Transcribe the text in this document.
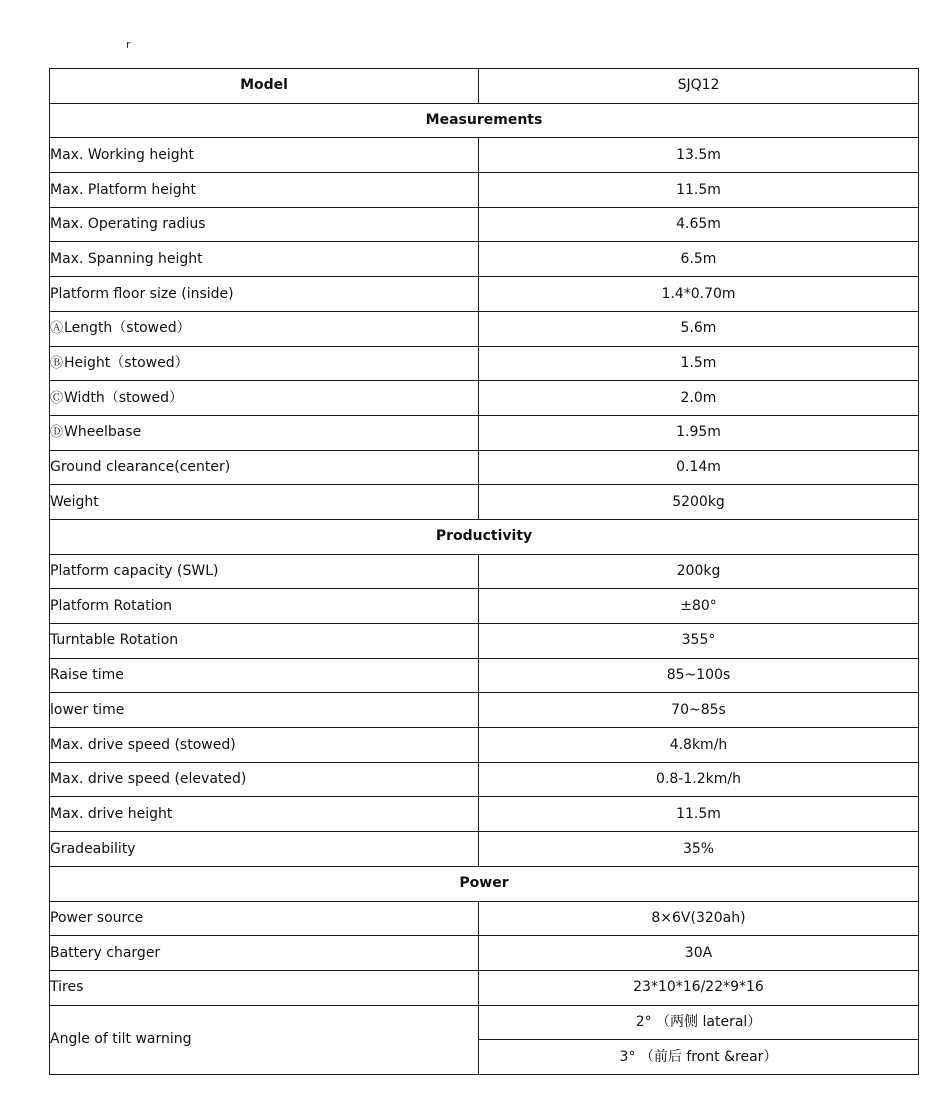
r
Model	SJQ12
Measurements	
Max. Working height	13.5m
Max. Platform height	11.5m
Max. Operating radius	4.65m
Max. Spanning height	6.5m
Platform floor size (inside)	1.4*0.70m
ⒶLength（stowed）	5.6m
ⒷHeight（stowed）	1.5m
ⒸWidth（stowed）	2.0m
ⒹWheelbase	1.95m
Ground clearance(center)	0.14m
Weight	5200kg
Productivity	
Platform capacity (SWL)	200kg
Platform Rotation	±80°
Turntable Rotation	355°
Raise time	85~100s
lower time	70~85s
Max. drive speed (stowed)	4.8km/h
Max. drive speed (elevated)	0.8-1.2km/h
Max. drive height	11.5m
Gradeability	35%
Power	
Power source	8×6V(320ah)
Battery charger	30A
Tires	23*10*16/22*9*16
Angle of tilt warning	2° （两侧 lateral）
	3° （前后 front &rear）
